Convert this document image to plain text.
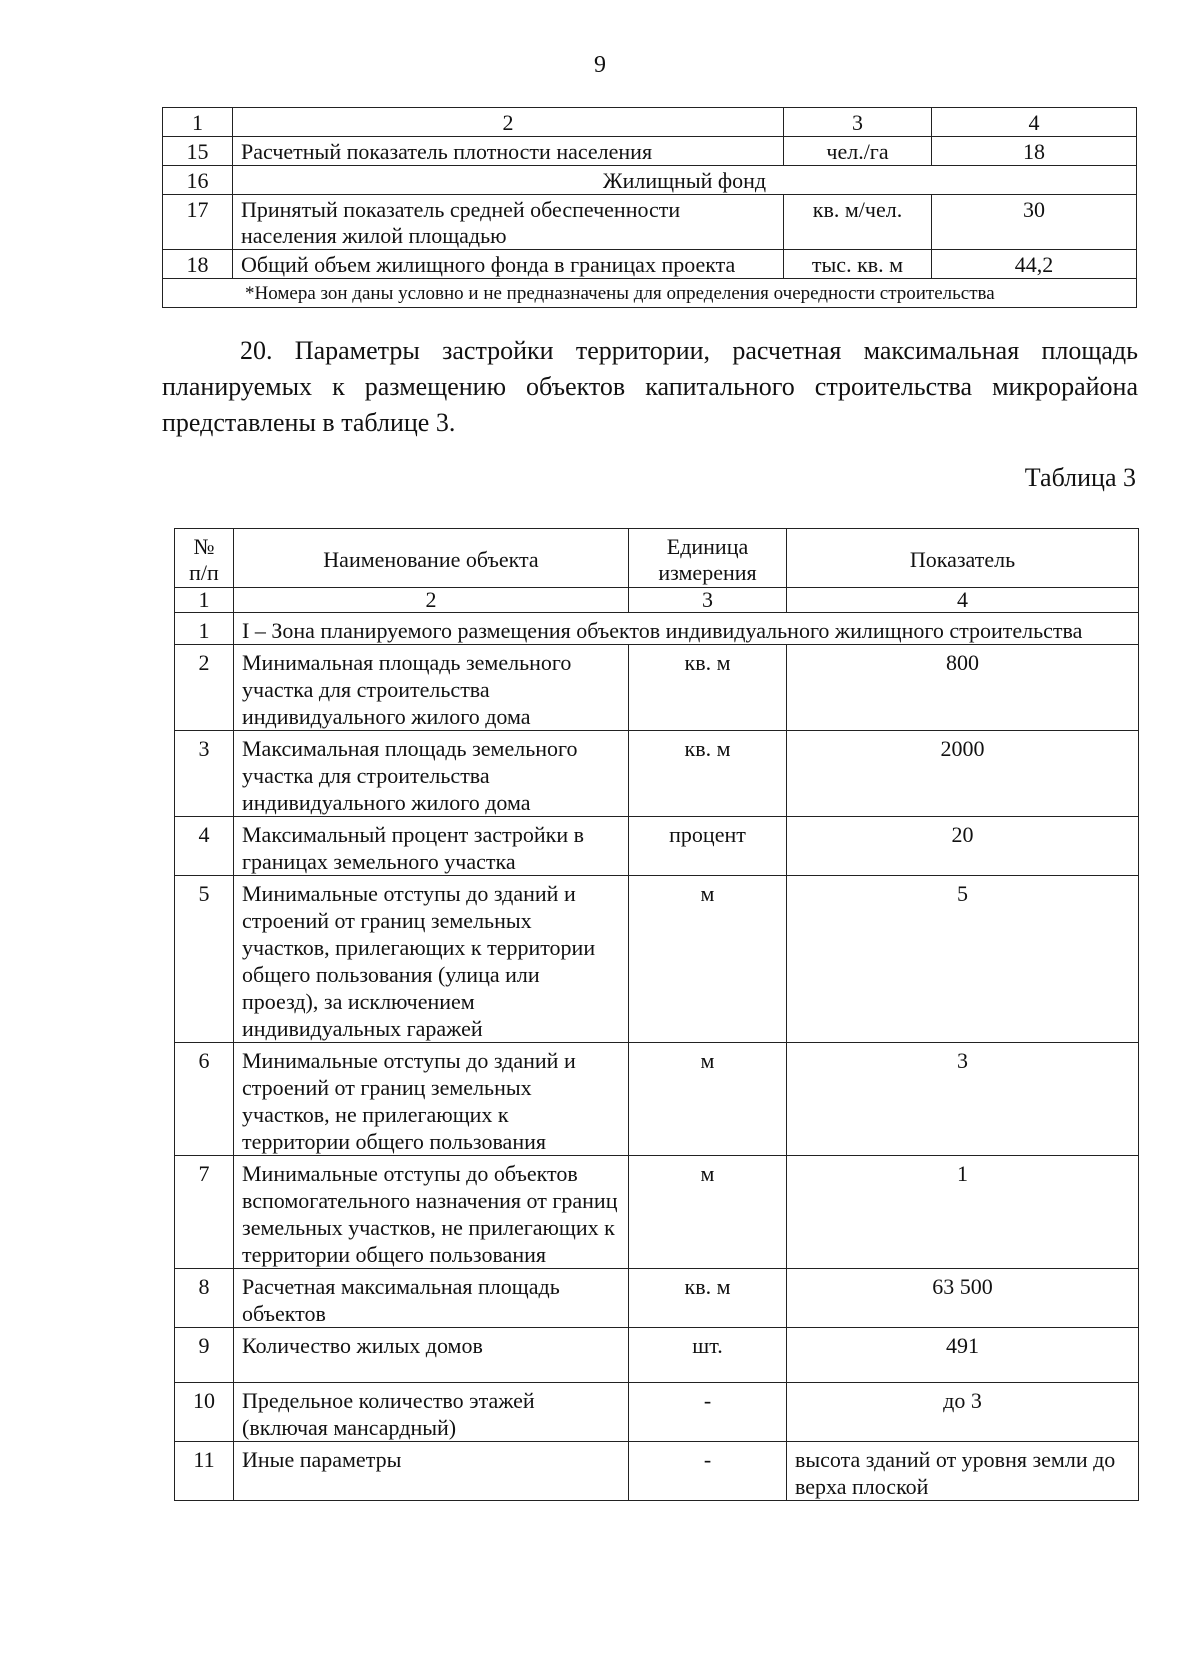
9
1	2	3	4
15	Расчетный показатель плотности населения	чел./га	18
16	Жилищный фонд		
17	Принятый показатель средней обеспеченности населения жилой площадью	кв. м/чел.	30
18	Общий объем жилищного фонда в границах проекта	тыс. кв. м	44,2
*Номера зон даны условно и не предназначены для определения очередности строительства			

20. Параметры застройки территории, расчетная максимальная площадь планируемых к размещению объектов капитального строительства микрорайона представлены в таблице 3.

Таблица 3
№ п/п	Наименование объекта	Единица измерения	Показатель
1	2	3	4
1	I – Зона планируемого размещения объектов индивидуального жилищного строительства		
2	Минимальная площадь земельного участка для строительства индивидуального жилого дома	кв. м	800
3	Максимальная площадь земельного участка для строительства индивидуального жилого дома	кв. м	2000
4	Максимальный процент застройки в границах земельного участка	процент	20
5	Минимальные отступы до зданий и строений от границ земельных участков, прилегающих к территории общего пользования (улица или проезд), за исключением индивидуальных гаражей	м	5
6	Минимальные отступы до зданий и строений от границ земельных участков, не прилегающих к территории общего пользования	м	3
7	Минимальные отступы до объектов вспомогательного назначения от границ земельных участков, не прилегающих к территории общего пользования	м	1
8	Расчетная максимальная площадь объектов	кв. м	63 500
9	Количество жилых домов	шт.	491
10	Предельное количество этажей (включая мансардный)	-	до 3
11	Иные параметры	-	высота зданий от уровня земли до верха плоской
